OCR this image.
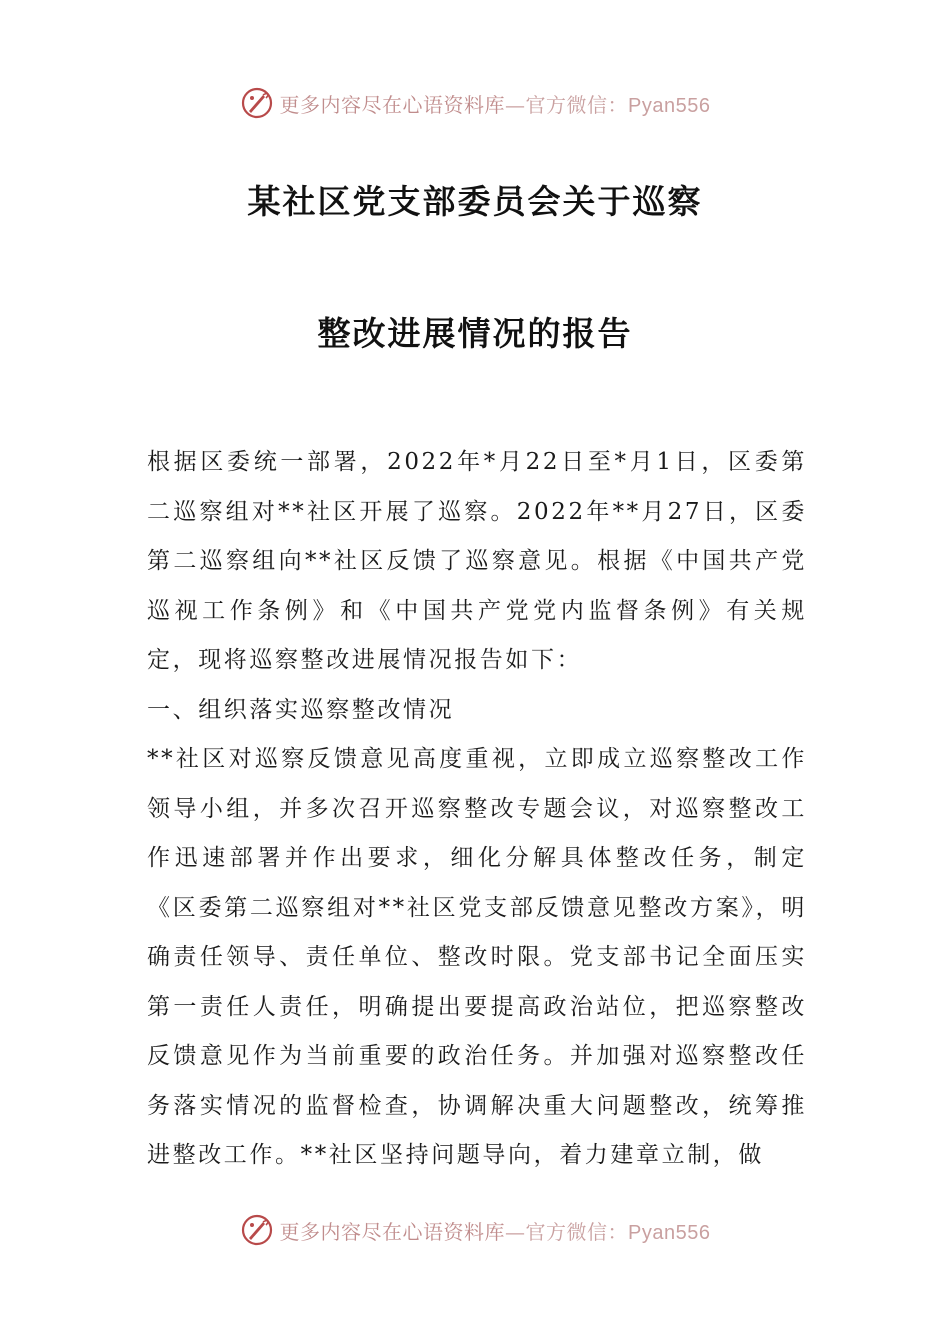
更多内容尽在心语资料库—官方微信：Pyan556
某社区党支部委员会关于巡察
整改进展情况的报告

根据区委统一部署，2022年*月22日至*月1日，区委第二巡察组对**社区开展了巡察。2022年**月27日，区委第二巡察组向**社区反馈了巡察意见。根据《中国共产党巡视工作条例》和《中国共产党党内监督条例》有关规定，现将巡察整改进展情况报告如下：

一、组织落实巡察整改情况

**社区对巡察反馈意见高度重视，立即成立巡察整改工作领导小组，并多次召开巡察整改专题会议，对巡察整改工作迅速部署并作出要求，细化分解具体整改任务，制定《区委第二巡察组对**社区党支部反馈意见整改方案》，明确责任领导、责任单位、整改时限。党支部书记全面压实第一责任人责任，明确提出要提高政治站位，把巡察整改反馈意见作为当前重要的政治任务。并加强对巡察整改任务落实情况的监督检查，协调解决重大问题整改，统筹推进整改工作。**社区坚持问题导向，着力建章立制，做

更多内容尽在心语资料库—官方微信：Pyan556
